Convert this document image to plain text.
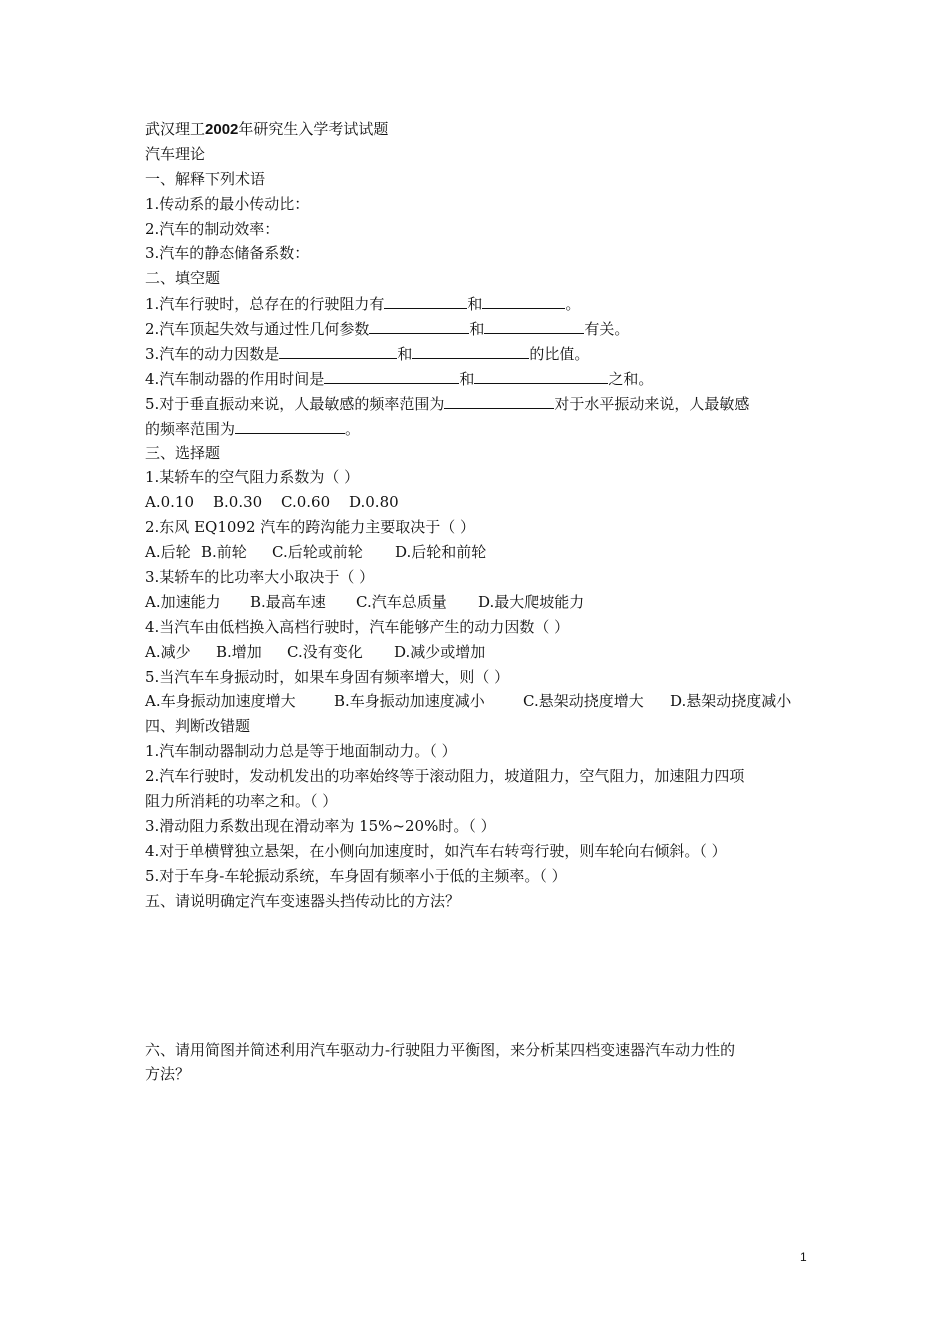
武汉理工2002年研究生入学考试试题
汽车理论
一、解释下列术语
1.传动系的最小传动比：
2.汽车的制动效率：
3.汽车的静态储备系数：
二、填空题
1.汽车行驶时，总存在的行驶阻力有	和	。
2.汽车顶起失效与通过性几何参数	和	有关。
3.汽车的动力因数是	和	的比值。
4.汽车制动器的作用时间是	和	之和。
5.对于垂直振动来说，人最敏感的频率范围为	对于水平振动来说，人最敏感
的频率范围为	。
三、选择题
1.某轿车的空气阻力系数为（ ）
A.0.10 B.0.30 C.0.60 D.0.80
2.东风 EQ1092 汽车的跨沟能力主要取决于（ ）
A.后轮 B.前轮 C.后轮或前轮 D.后轮和前轮
3.某轿车的比功率大小取决于（ ）
A.加速能力 B.最高车速 C.汽车总质量 D.最大爬坡能力
4.当汽车由低档换入高档行驶时，汽车能够产生的动力因数（ ）
A.减少 B.增加 C.没有变化 D.减少或增加
5.当汽车车身振动时，如果车身固有频率增大，则（ ）
A.车身振动加速度增大	B.车身振动加速度减小	C.悬架动挠度增大 D.悬架动挠度减小
四、判断改错题
1.汽车制动器制动力总是等于地面制动力。（ ）
2.汽车行驶时，发动机发出的功率始终等于滚动阻力，坡道阻力，空气阻力，加速阻力四项
阻力所消耗的功率之和。（ ）
3.滑动阻力系数出现在滑动率为 15%~20%时。（ ）
4.对于单横臂独立悬架，在小侧向加速度时，如汽车右转弯行驶，则车轮向右倾斜。（ ）
5.对于车身-车轮振动系统，车身固有频率小于低的主频率。（ ）
五、请说明确定汽车变速器头挡传动比的方法？
六、请用简图并简述利用汽车驱动力-行驶阻力平衡图，来分析某四档变速器汽车动力性的
方法？
1
